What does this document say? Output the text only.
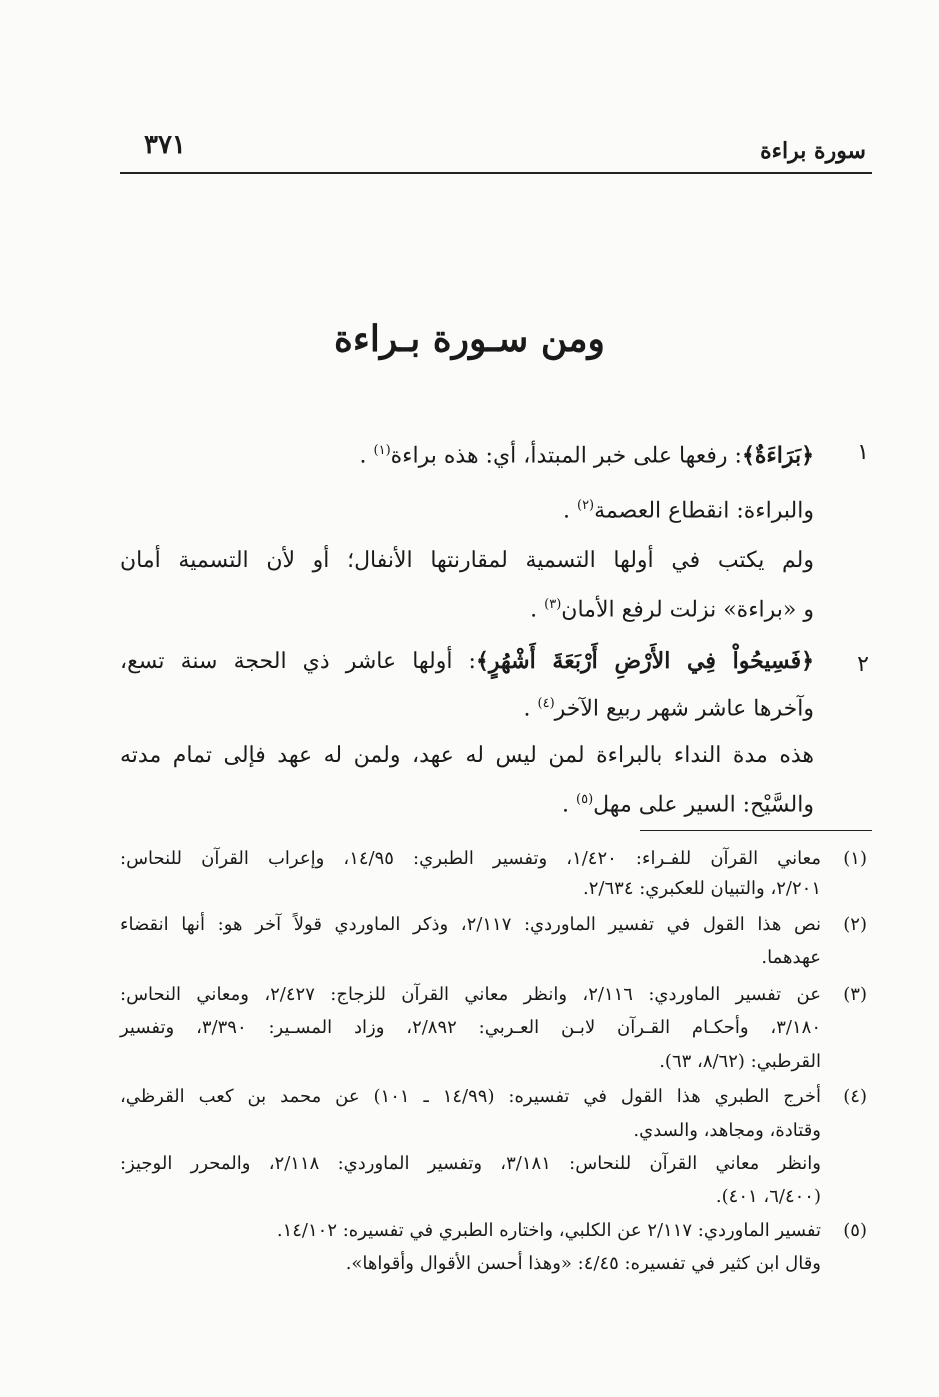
سورة براءة
٣٧١
ومن سـورة بـراءة
١
﴿بَرَاءَةٌ﴾: رفعها على خبر المبتدأ، أي: هذه براءة$^{(١)}$ .
والبراءة: انقطاع العصمة$^{(٢)}$ .
ولم يكتب في أولها التسمية لمقارنتها الأنفال؛ أو لأن التسمية أمان
و «براءة» نزلت لرفع الأمان$^{(٣)}$ .
٢
﴿فَسِيحُواْ فِي الأَرْضِ أَرْبَعَةَ أَشْهُرٍ﴾: أولها عاشر ذي الحجة سنة تسع،
وآخرها عاشر شهر ربيع الآخر$^{(٤)}$ .
هذه مدة النداء بالبراءة لمن ليس له عهد، ولمن له عهد فإلى تمام مدته
والسَّيْح: السير على مهل$^{(٥)}$ .
(١)
معاني القرآن للفـراء: ١/٤٢٠، وتفسير الطبري: ١٤/٩٥، وإعراب القرآن للنحاس:
٢/٢٠١، والتبيان للعكبري: ٢/٦٣٤.
(٢)
نص هذا القول في تفسير الماوردي: ٢/١١٧، وذكر الماوردي قولاً آخر هو: أنها انقضاء
عهدهما.
(٣)
عن تفسير الماوردي: ٢/١١٦، وانظر معاني القرآن للزجاج: ٢/٤٢٧، ومعاني النحاس:
٣/١٨٠، وأحكـام القـرآن لابـن العـربي: ٢/٨٩٢، وزاد المسـير: ٣/٣٩٠، وتفسير
القرطبي: (٨/٦٢، ٦٣).
(٤)
أخرج الطبري هذا القول في تفسيره: (١٤/٩٩ ـ ١٠١) عن محمد بن كعب القرظي،
وقتادة، ومجاهد، والسدي.
وانظر معاني القرآن للنحاس: ٣/١٨١، وتفسير الماوردي: ٢/١١٨، والمحرر الوجيز:
(٦/٤٠٠، ٤٠١).
(٥)
تفسير الماوردي: ٢/١١٧ عن الكلبي، واختاره الطبري في تفسيره: ١٤/١٠٢.
وقال ابن كثير في تفسيره: ٤/٤٥: «وهذا أحسن الأقوال وأقواها».
